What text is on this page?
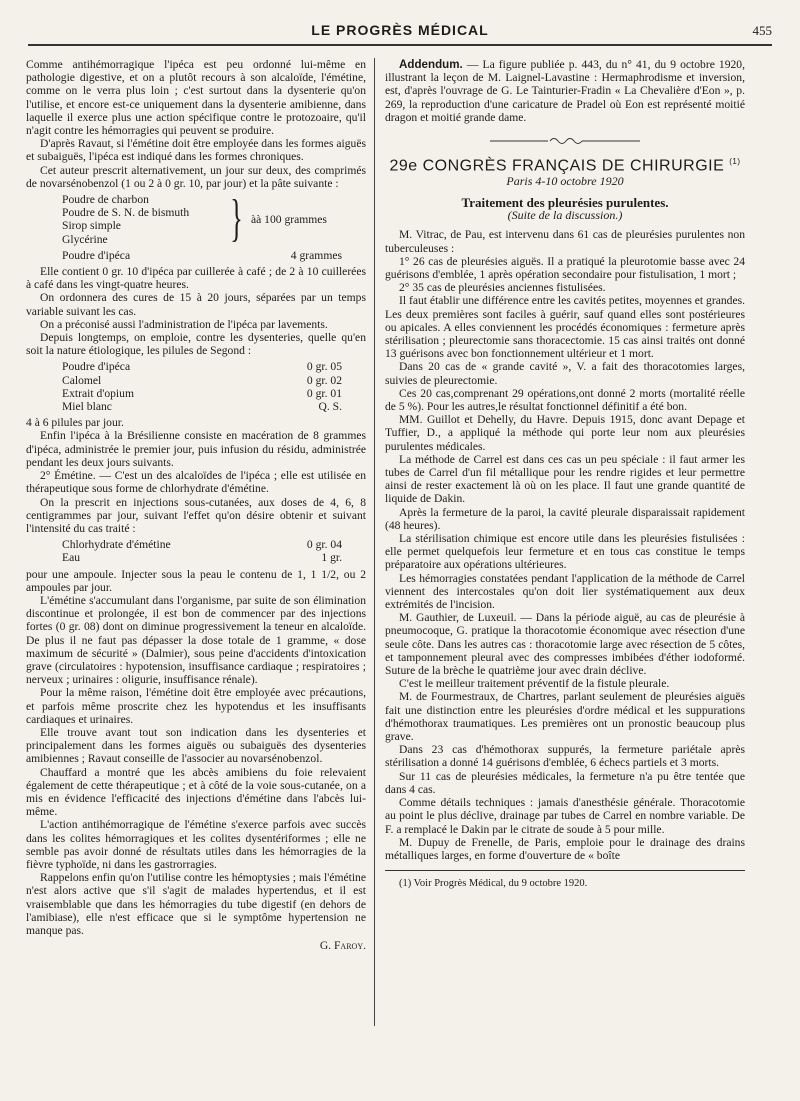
LE PROGRÈS MÉDICAL	455

Comme antihémorragique l'ipéca est peu ordonné lui-même en pathologie digestive, et on a plutôt recours à son alcaloïde, l'émétine, comme on le verra plus loin ; c'est surtout dans la dysenterie qu'on l'utilise, et encore est-ce uniquement dans la dysenterie amibienne, dans laquelle il exerce plus une action spécifique contre le protozoaire, qu'il n'agit contre les hémorragies qui peuvent se produire.

D'après Ravaut, si l'émétine doit être employée dans les formes aiguës et subaiguës, l'ipéca est indiqué dans les formes chroniques.

Cet auteur prescrit alternativement, un jour sur deux, des comprimés de novarsénobenzol (1 ou 2 à 0 gr. 10, par jour) et la pâte suivante :

Poudre de charbon
Poudre de S. N. de bismuth
Sirop simple
Glycérine } àà 100 grammes
Poudre d'ipéca	4 grammes

Elle contient 0 gr. 10 d'ipéca par cuillerée à café ; de 2 à 10 cuillerées à café dans les vingt-quatre heures.

On ordonnera des cures de 15 à 20 jours, séparées par un temps variable suivant les cas.

On a préconisé aussi l'administration de l'ipéca par lavements.

Depuis longtemps, on emploie, contre les dysenteries, quelle qu'en soit la nature étiologique, les pilules de Segond :

Poudre d'ipéca	0 gr. 05
Calomel	0 gr. 02
Extrait d'opium	0 gr. 01
Miel blanc	Q. S.

4 à 6 pilules par jour.

Enfin l'ipéca à la Brésilienne consiste en macération de 8 grammes d'ipéca, administrée le premier jour, puis infusion du résidu, administrée pendant les deux jours suivants.

2° Émétine. — C'est un des alcaloïdes de l'ipéca ; elle est utilisée en thérapeutique sous forme de chlorhydrate d'émétine.

On la prescrit en injections sous-cutanées, aux doses de 4, 6, 8 centigrammes par jour, suivant l'effet qu'on désire obtenir et suivant l'intensité du cas traité :

Chlorhydrate d'émétine	0 gr. 04
Eau	1 gr.

pour une ampoule. Injecter sous la peau le contenu de 1, 1 1/2, ou 2 ampoules par jour.

L'émétine s'accumulant dans l'organisme, par suite de son élimination discontinue et prolongée, il est bon de commencer par des injections fortes (0 gr. 08) dont on diminue progressivement la teneur en alcaloïde. De plus il ne faut pas dépasser la dose totale de 1 gramme, « dose maximum de sécurité » (Dalmier), sous peine d'accidents d'intoxication grave (circulatoires : hypotension, insuffisance cardiaque ; respiratoires ; nerveux ; urinaires : oligurie, insuffisance rénale).

Pour la même raison, l'émétine doit être employée avec précautions, et parfois même proscrite chez les hypotendus et les insuffisants cardiaques et urinaires.

Elle trouve avant tout son indication dans les dysenteries et principalement dans les formes aiguës ou subaiguës des dysenteries amibiennes ; Ravaut conseille de l'associer au novarsénobenzol.

Chauffard a montré que les abcès amibiens du foie relevaient également de cette thérapeutique ; et à côté de la voie sous-cutanée, on a mis en évidence l'efficacité des injections d'émétine dans l'abcès lui-même.

L'action antihémorragique de l'émétine s'exerce parfois avec succès dans les colites hémorragiques et les colites dysentériformes ; elle ne semble pas avoir donné de résultats utiles dans les hémorragies de la fièvre typhoïde, ni dans les gastrorragies.

Rappelons enfin qu'on l'utilise contre les hémoptysies ; mais l'émétine n'est alors active que s'il s'agit de malades hypertendus, et il est vraisemblable que dans les hémorragies du tube digestif (en dehors de l'amibiase), elle n'est efficace que si le symptôme hypertension ne manque pas.

G. Faroy.

Addendum. — La figure publiée p. 443, du n° 41, du 9 octobre 1920, illustrant la leçon de M. Laignel-Lavastine : Hermaphrodisme et inversion, est, d'après l'ouvrage de G. Le Tainturier-Fradin « La Chevalière d'Eon », p. 269, la reproduction d'une caricature de Pradel où Eon est représenté moitié dragon et moitié grande dame.

29e CONGRÈS FRANÇAIS DE CHIRURGIE $^{(1)}$
Paris 4-10 octobre 1920
Traitement des pleurésies purulentes.
(Suite de la discussion.)

M. Vitrac, de Pau, est intervenu dans 61 cas de pleurésies purulentes non tuberculeuses :

1° 26 cas de pleurésies aiguës. Il a pratiqué la pleurotomie basse avec 24 guérisons d'emblée, 1 après opération secondaire pour fistulisation, 1 mort ;

2° 35 cas de pleurésies anciennes fistulisées.

Il faut établir une différence entre les cavités petites, moyennes et grandes. Les deux premières sont faciles à guérir, sauf quand elles sont postérieures ou apicales. A elles conviennent les procédés économiques : fermeture après stérilisation ; pleurectomie sans thoracectomie. 15 cas ainsi traités ont donné 13 guérisons avec bon fonctionnement ultérieur et 1 mort.

Dans 20 cas de « grande cavité », V. a fait des thoracotomies larges, suivies de pleurectomie.

Ces 20 cas,comprenant 29 opérations,ont donné 2 morts (mortalité réelle de 5 %). Pour les autres,le résultat fonctionnel définitif a été bon.

MM. Guillot et Dehelly, du Havre. Depuis 1915, donc avant Depage et Tuffier, D., a appliqué la méthode qui porte leur nom aux pleurésies purulentes médicales.

La méthode de Carrel est dans ces cas un peu spéciale : il faut armer les tubes de Carrel d'un fil métallique pour les rendre rigides et leur permettre ainsi de rester exactement là où on les place. Il faut une grande quantité de liquide de Dakin.

Après la fermeture de la paroi, la cavité pleurale disparaissait rapidement (48 heures).

La stérilisation chimique est encore utile dans les pleurésies fistulisées : elle permet quelquefois leur fermeture et en tous cas constitue le temps préparatoire aux opérations ultérieures.

Les hémorragies constatées pendant l'application de la méthode de Carrel viennent des intercostales qu'on doit lier systématiquement aux deux extrémités de l'incision.

M. Gauthier, de Luxeuil. — Dans la période aiguë, au cas de pleurésie à pneumocoque, G. pratique la thoracotomie économique avec résection d'une seule côte. Dans les autres cas : thoracotomie large avec résection de 5 côtes, et tamponnement pleural avec des compresses imbibées d'éther iodoformé. Suture de la brèche le quatrième jour avec drain déclive.

C'est le meilleur traitement préventif de la fistule pleurale.

M. de Fourmestraux, de Chartres, parlant seulement de pleurésies aiguës fait une distinction entre les pleurésies d'ordre médical et les suppurations d'hémothorax traumatiques. Les premières ont un pronostic beaucoup plus grave.

Dans 23 cas d'hémothorax suppurés, la fermeture pariétale après stérilisation a donné 14 guérisons d'emblée, 6 échecs partiels et 3 morts.

Sur 11 cas de pleurésies médicales, la fermeture n'a pu être tentée que dans 4 cas.

Comme détails techniques : jamais d'anesthésie générale. Thoracotomie au point le plus déclive, drainage par tubes de Carrel en nombre variable. De F. a remplacé le Dakin par le citrate de soude à 5 pour mille.

M. Dupuy de Frenelle, de Paris, emploie pour le drainage des drains métalliques larges, en forme d'ouverture de « boîte

(1) Voir Progrès Médical, du 9 octobre 1920.
